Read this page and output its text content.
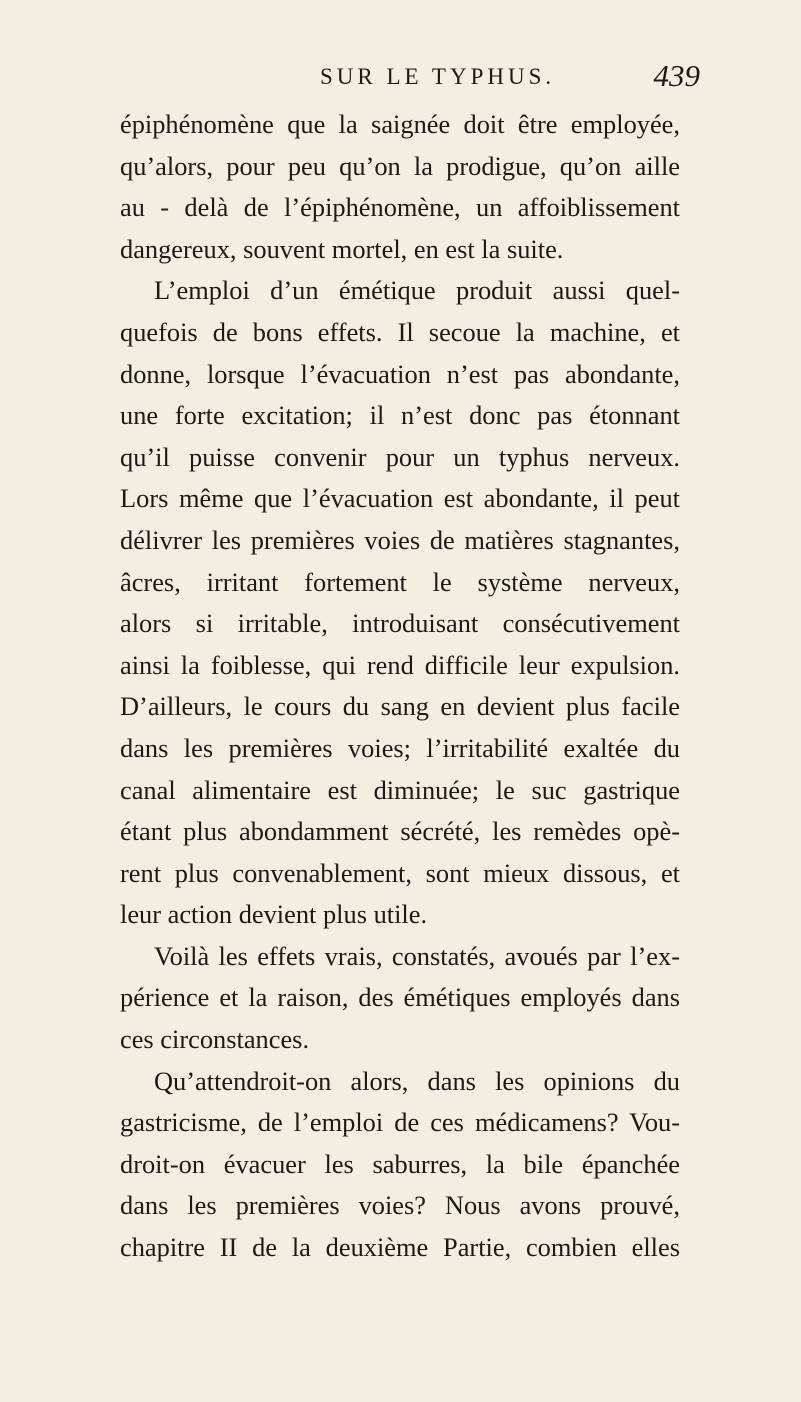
SUR LE TYPHUS.	439
épiphénomène que la saignée doit être employée,
qu’alors, pour peu qu’on la prodigue, qu’on aille
au - delà de l’épiphénomène, un affoiblissement
dangereux, souvent mortel, en est la suite.
L’emploi d’un émétique produit aussi quel-
quefois de bons effets. Il secoue la machine, et
donne, lorsque l’évacuation n’est pas abondante,
une forte excitation; il n’est donc pas étonnant
qu’il puisse convenir pour un typhus nerveux.
Lors même que l’évacuation est abondante, il peut
délivrer les premières voies de matières stagnantes,
âcres, irritant fortement le système nerveux,
alors si irritable, introduisant consécutivement
ainsi la foiblesse, qui rend difficile leur expulsion.
D’ailleurs, le cours du sang en devient plus facile
dans les premières voies; l’irritabilité exaltée du
canal alimentaire est diminuée; le suc gastrique
étant plus abondamment sécrété, les remèdes opè-
rent plus convenablement, sont mieux dissous, et
leur action devient plus utile.
Voilà les effets vrais, constatés, avoués par l’ex-
périence et la raison, des émétiques employés dans
ces circonstances.
Qu’attendroit-on alors, dans les opinions du
gastricisme, de l’emploi de ces médicamens? Vou-
droit-on évacuer les saburres, la bile épanchée
dans les premières voies? Nous avons prouvé,
chapitre II de la deuxième Partie, combien elles
